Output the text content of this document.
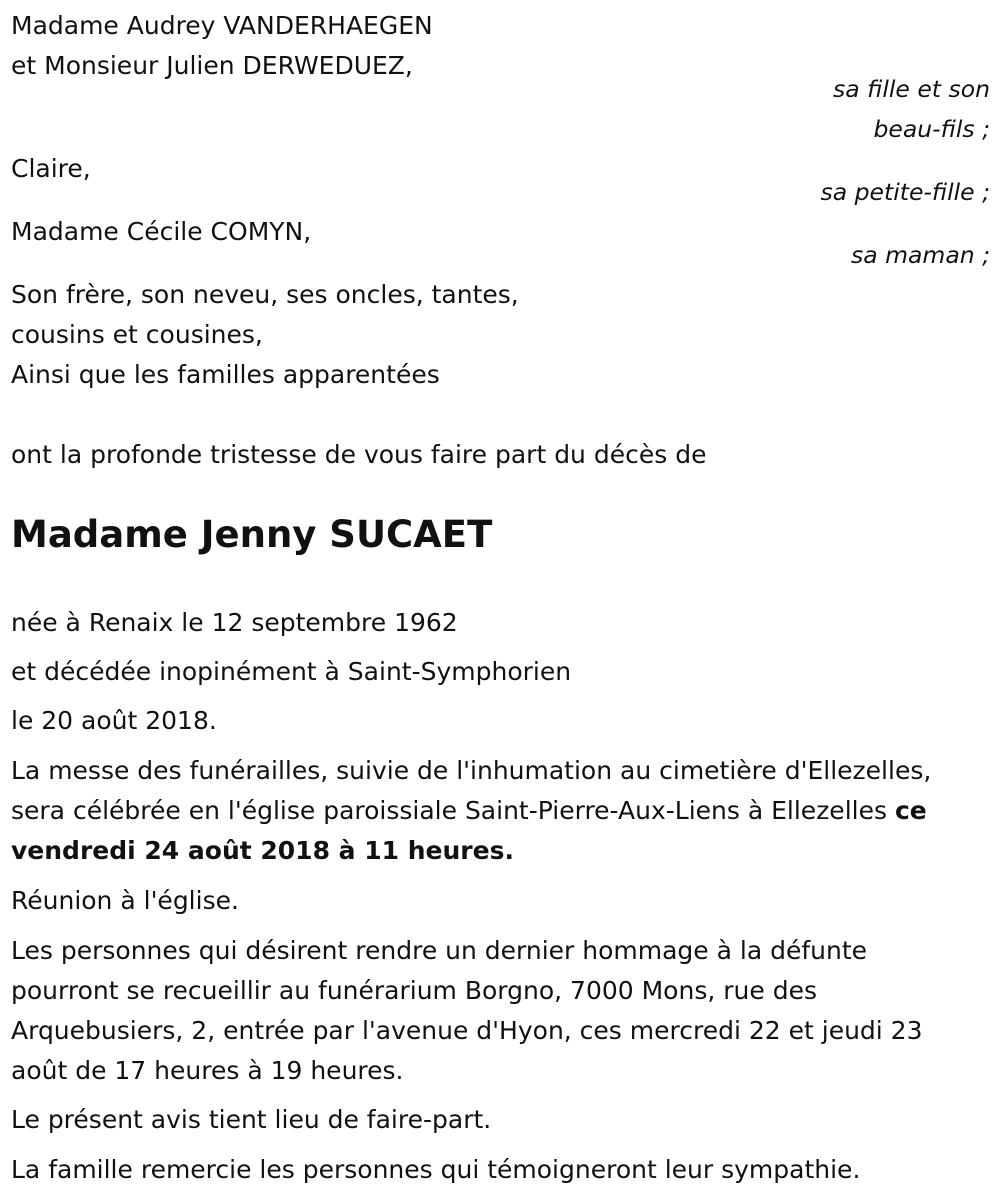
Madame Audrey VANDERHAEGEN
et Monsieur Julien DERWEDUEZ,
sa fille et son
beau-fils ;
Claire,
sa petite-fille ;
Madame Cécile COMYN,
sa maman ;
Son frère, son neveu, ses oncles, tantes,
cousins et cousines,
Ainsi que les familles apparentées
ont la profonde tristesse de vous faire part du décès de
Madame Jenny SUCAET
née à Renaix le 12 septembre 1962
et décédée inopinément à Saint-Symphorien
le 20 août 2018.
La messe des funérailles, suivie de l'inhumation au cimetière d'Ellezelles,
sera célébrée en l'église paroissiale Saint-Pierre-Aux-Liens à Ellezelles ce
vendredi 24 août 2018 à 11 heures.
Réunion à l'église.
Les personnes qui désirent rendre un dernier hommage à la défunte
pourront se recueillir au funérarium Borgno, 7000 Mons, rue des
Arquebusiers, 2, entrée par l'avenue d'Hyon, ces mercredi 22 et jeudi 23
août de 17 heures à 19 heures.
Le présent avis tient lieu de faire-part.
La famille remercie les personnes qui témoigneront leur sympathie.
